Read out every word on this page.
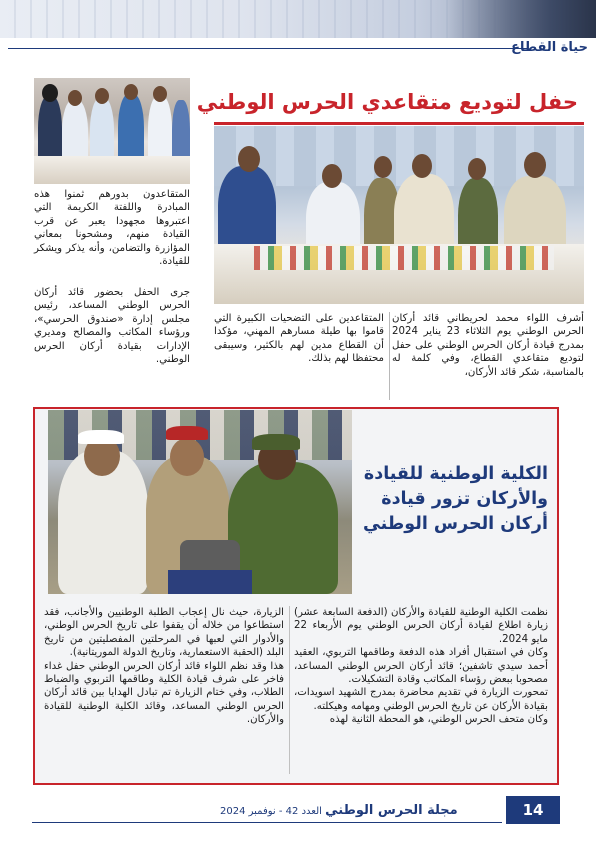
حياة القطاع
حفل لتوديع متقاعدي الحرس الوطني
المتقاعدون بدورهم ثمنوا هذه المبادرة واللفتة الكريمة التي اعتبروها مجهودا يعبر عن قرب القيادة منهم، ومشحونا بمعاني المؤازرة والتضامن، وأنه يذكر ويشكر للقيادة.
جرى الحفل بحضور قائد أركان الحرس الوطني المساعد، رئيس مجلس إدارة «صندوق الحرسي»، ورؤساء المكاتب والمصالح ومديري الإدارات بقيادة أركان الحرس الوطني.
المتقاعدين على التضحيات الكبيرة التي قاموا بها طيلة مسارهم المهني، مؤكدا أن القطاع مدين لهم بالكثير، وسيبقى محتفظا لهم بذلك.
أشرف اللواء محمد لحريطاني قائد أركان الحرس الوطني يوم الثلاثاء 23 يناير 2024 بمدرج قيادة أركان الحرس الوطني على حفل لتوديع متقاعدي القطاع، وفي كلمة له بالمناسبة، شكر قائد الأركان،
الكلية الوطنية للقيادة والأركان تزور قيادة أركان الحرس الوطني

نظمت الكلية الوطنية للقيادة والأركان (الدفعة السابعة عشر) زيارة اطلاع لقيادة أركان الحرس الوطني يوم الأربعاء 22 مايو 2024.

وكان في استقبال أفراد هذه الدفعة وطاقمها التربوي، العقيد أحمد سيدي تاشفين؛ قائد أركان الحرس الوطني المساعد، مصحوبا ببعض رؤساء المكاتب وقادة التشكيلات.

تمحورت الزيارة في تقديم محاضرة بمدرج الشهيد اسويدات، بقيادة الأركان عن تاريخ الحرس الوطني ومهامه وهيكلته.

وكان متحف الحرس الوطني، هو المحطة الثانية لهذه

الزيارة، حيث نال إعجاب الطلبة الوطنيين والأجانب، فقد استطاعوا من خلاله أن يقفوا على تاريخ الحرس الوطني، والأدوار التي لعبها في المرحلتين المفصليتين من تاريخ البلد (الحقبة الاستعمارية، وتاريخ الدولة الموريتانية).

هذا وقد نظم اللواء قائد أركان الحرس الوطني حفل غداء فاخر على شرف قيادة الكلية وطاقمها التربوي والضباط الطلاب، وفي ختام الزيارة تم تبادل الهدايا بين قائد أركان الحرس الوطني المساعد، وقائد الكلية الوطنية للقيادة والأركان.

مجلة الحرس الوطني العدد 42 - نوفمبر 2024	14
